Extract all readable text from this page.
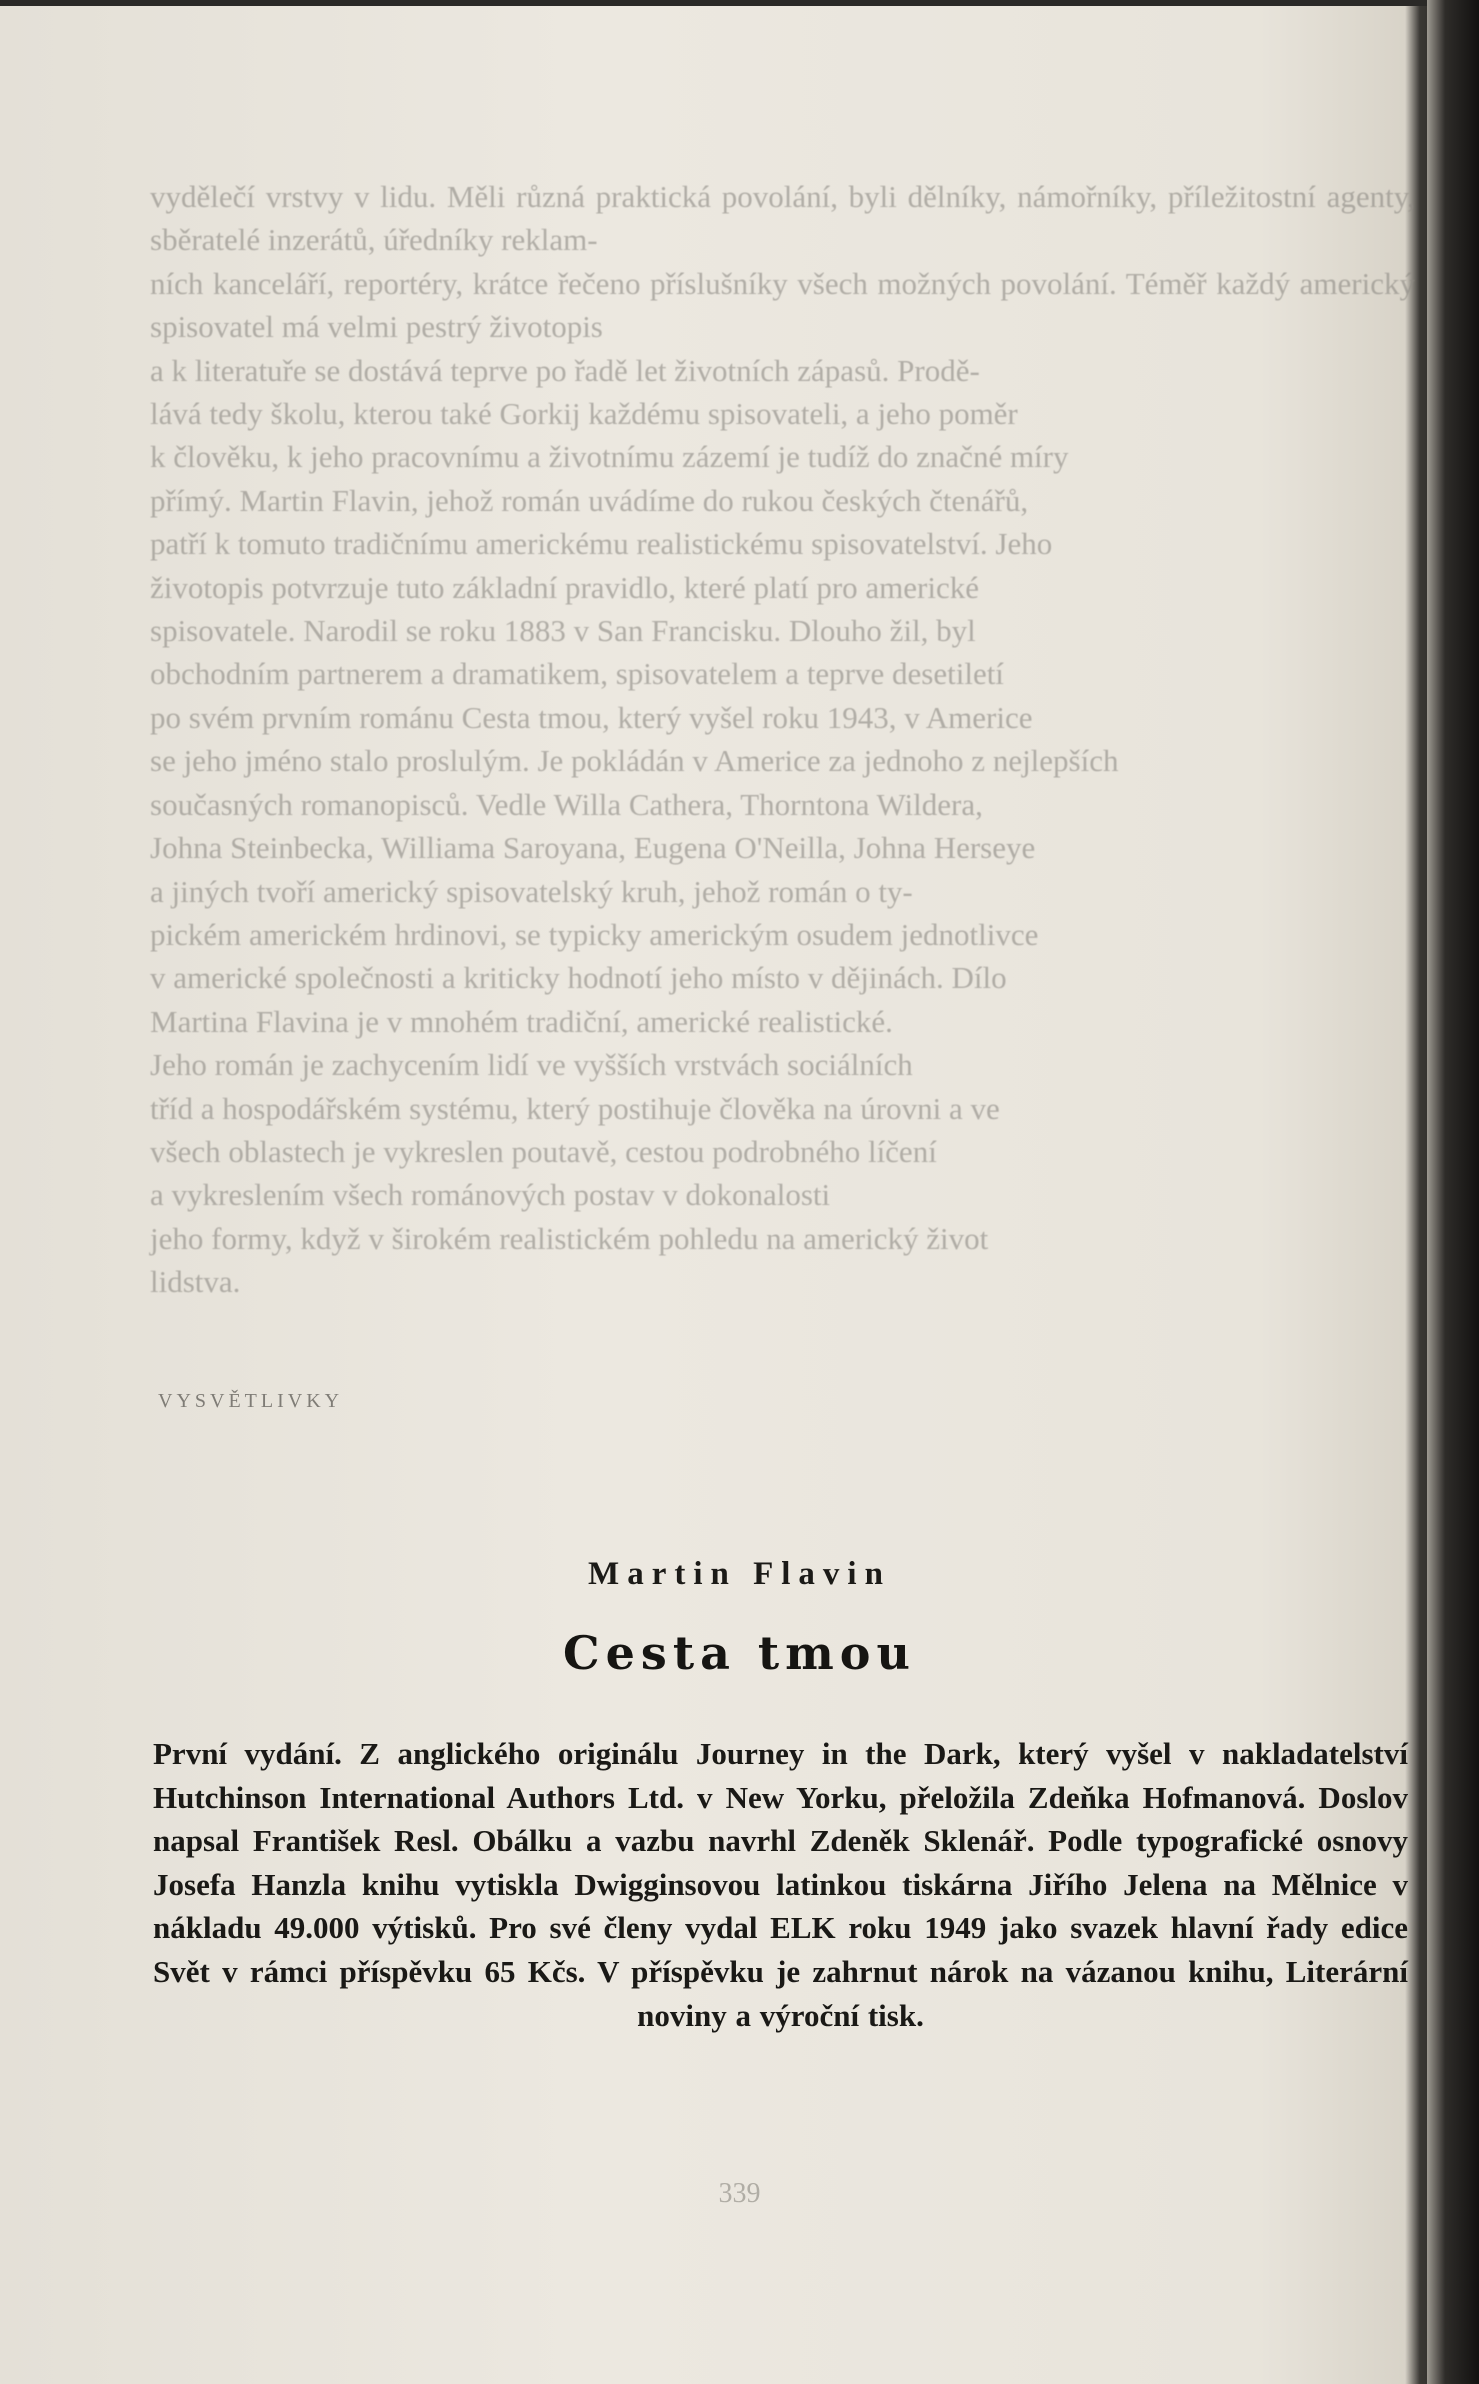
vydělečí vrstvy v lidu. Měli různá praktická povolání, byli dělníky, námořníky, příležitostní agenty, sběratelé inzerátů, úředníky reklam-

ních kanceláří, reportéry, krátce řečeno příslušníky všech možných povolání. Téměř každý americký spisovatel má velmi pestrý životopis

a k literatuře se dostává teprve po řadě let životních zápasů. Prodě-

lává tedy školu, kterou také Gorkij každému spisovateli, a jeho poměr

k člověku, k jeho pracovnímu a životnímu zázemí je tudíž do značné míry

přímý. Martin Flavin, jehož román uvádíme do rukou českých čtenářů,

patří k tomuto tradičnímu americkému realistickému spisovatelství. Jeho

životopis potvrzuje tuto základní pravidlo, které platí pro americké

spisovatele. Narodil se roku 1883 v San Francisku. Dlouho žil, byl

obchodním partnerem a dramatikem, spisovatelem a teprve desetiletí

po svém prvním románu Cesta tmou, který vyšel roku 1943, v Americe

se jeho jméno stalo proslulým. Je pokládán v Americe za jednoho z nejlepších

současných romanopisců. Vedle Willa Cathera, Thorntona Wildera,

Johna Steinbecka, Williama Saroyana, Eugena O'Neilla, Johna Herseye

a jiných tvoří americký spisovatelský kruh, jehož román o ty-

pickém americkém hrdinovi, se typicky americkým osudem jednotlivce

v americké společnosti a kriticky hodnotí jeho místo v dějinách. Dílo

Martina Flavina je v mnohém tradiční, americké realistické.

Jeho román je zachycením lidí ve vyšších vrstvách sociálních

tříd a hospodářském systému, který postihuje člověka na úrovni a ve

všech oblastech je vykreslen poutavě, cestou podrobného líčení

a vykreslením všech románových postav v dokonalosti

jeho formy, když v širokém realistickém pohledu na americký život

lidstva.

VYSVĚTLIVKY
Martin Flavin
Cesta tmou
První vydání. Z anglického originálu Journey in the Dark, který vyšel v nakladatelství Hutchinson International Authors Ltd. v New Yorku, přeložila Zdeňka Hofmanová. Doslov napsal František Resl. Obálku a vazbu navrhl Zdeněk Sklenář. Podle typografické osnovy Josefa Hanzla knihu vytiskla Dwigginsovou latinkou tiskárna Jiřího Jelena na Mělnice v nákladu 49.000 výtisků. Pro své členy vydal ELK roku 1949 jako svazek hlavní řady edice Svět v rámci příspěvku 65 Kčs. V příspěvku je zahrnut nárok na vázanou knihu, Literární noviny a výroční tisk.
339
